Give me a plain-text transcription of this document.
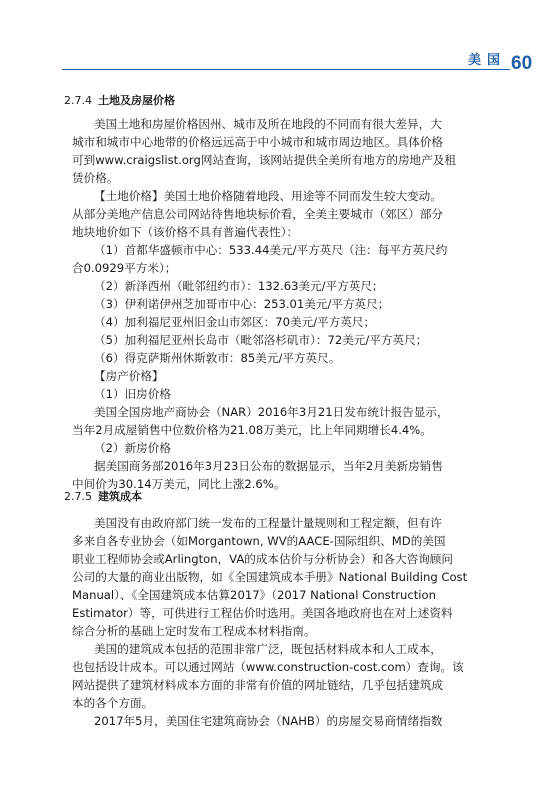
美国 60
2.7.4 土地及房屋价格
美国土地和房屋价格因州、城市及所在地段的不同而有很大差异，大
城市和城市中心地带的价格远远高于中小城市和城市周边地区。具体价格
可到www.craigslist.org网站查询，该网站提供全美所有地方的房地产及租
赁价格。
【土地价格】美国土地价格随着地段、用途等不同而发生较大变动。
从部分美地产信息公司网站待售地块标价看，全美主要城市（郊区）部分
地块地价如下（该价格不具有普遍代表性）：
（1）首都华盛顿市中心：533.44美元/平方英尺（注：每平方英尺约
合0.0929平方米）；
（2）新泽西州（毗邻纽约市）：132.63美元/平方英尺；
（3）伊利诺伊州芝加哥市中心：253.01美元/平方英尺；
（4）加利福尼亚州旧金山市郊区：70美元/平方英尺；
（5）加利福尼亚州长岛市（毗邻洛杉矶市）：72美元/平方英尺；
（6）得克萨斯州休斯敦市：85美元/平方英尺。
【房产价格】
（1）旧房价格
美国全国房地产商协会（NAR）2016年3月21日发布统计报告显示，
当年2月成屋销售中位数价格为21.08万美元，比上年同期增长4.4%。
（2）新房价格
据美国商务部2016年3月23日公布的数据显示，当年2月美新房销售
中间价为30.14万美元，同比上涨2.6%。
2.7.5 建筑成本
美国没有由政府部门统一发布的工程量计量规则和工程定额，但有许
多来自各专业协会（如Morgantown, WV的AACE-国际组织、MD的美国
职业工程师协会或Arlington，VA的成本估价与分析协会）和各大咨询顾问
公司的大量的商业出版物，如《全国建筑成本手册》National Building Cost
Manual）、《全国建筑成本估算2017》（2017 National Construction
Estimator）等，可供进行工程估价时选用。美国各地政府也在对上述资料
综合分析的基础上定时发布工程成本材料指南。
美国的建筑成本包括的范围非常广泛，既包括材料成本和人工成本，
也包括设计成本。可以通过网站（www.construction-cost.com）查询。该
网站提供了建筑材料成本方面的非常有价值的网址链结，几乎包括建筑成
本的各个方面。
2017年5月，美国住宅建筑商协会（NAHB）的房屋交易商情绪指数
